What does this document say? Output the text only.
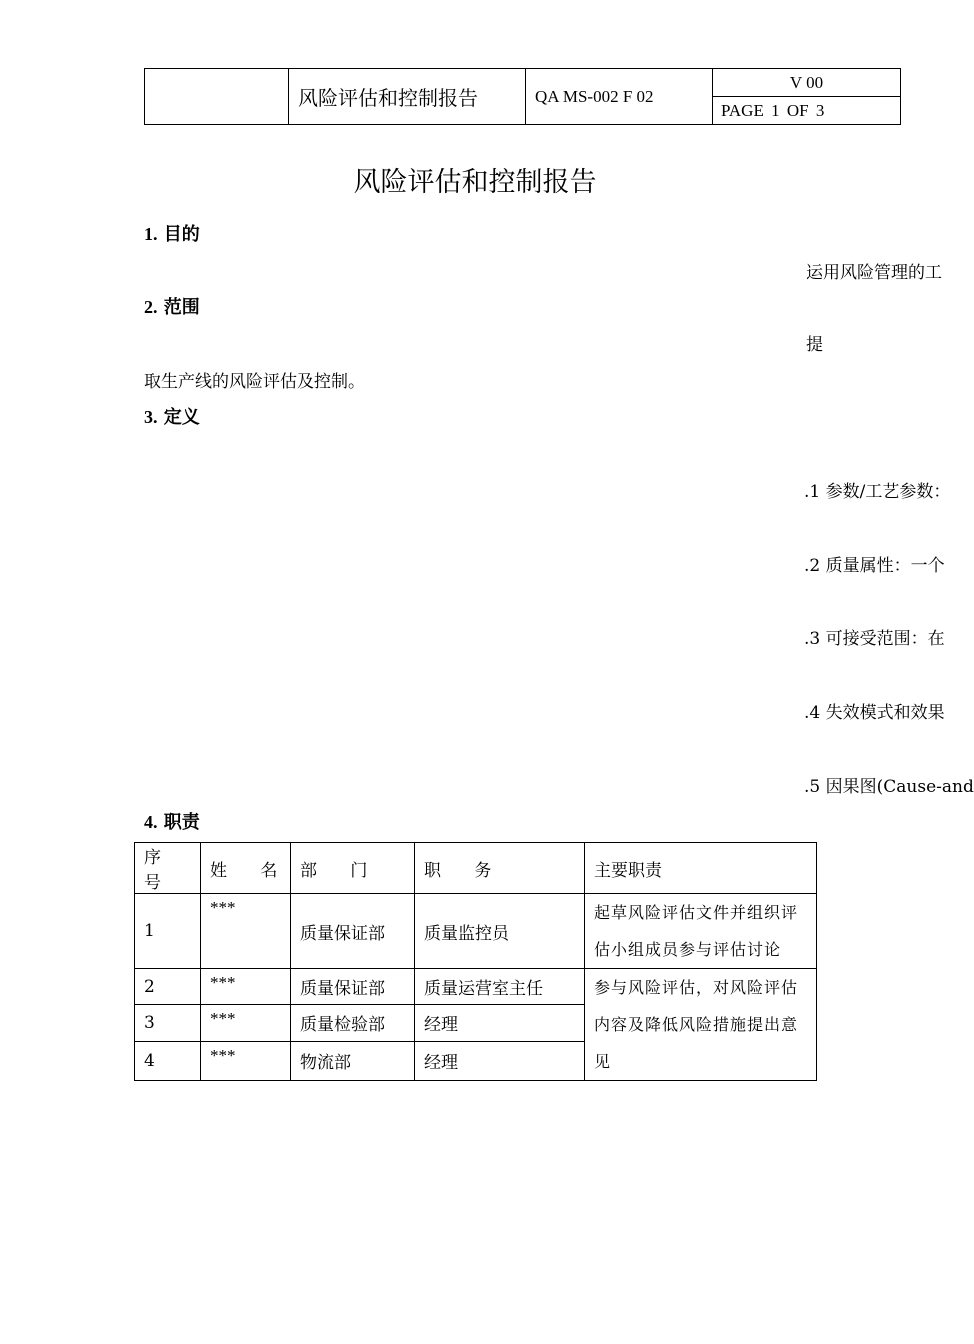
	风险评估和控制报告	QA MS-002 F 02	V 00
PAGE 1 OF 3
风险评估和控制报告
1. 目的
运用风险管理的工
2. 范围
提
取生产线的风险评估及控制。
3. 定义
.1 参数/工艺参数：
.2 质量属性：一个
.3 可接受范围：在
.4 失效模式和效果
.5 因果图(Cause-and
4. 职责
序 号	姓 名	部 门	职 务	主要职责
1	***	质量保证部	质量监控员	起草风险评估文件并组织评估小组成员参与评估讨论
2	***	质量保证部	质量运营室主任	参与风险评估，对风险评估内容及降低风险措施提出意见
3	***	质量检验部	经理	
4	***	物流部	经理	
